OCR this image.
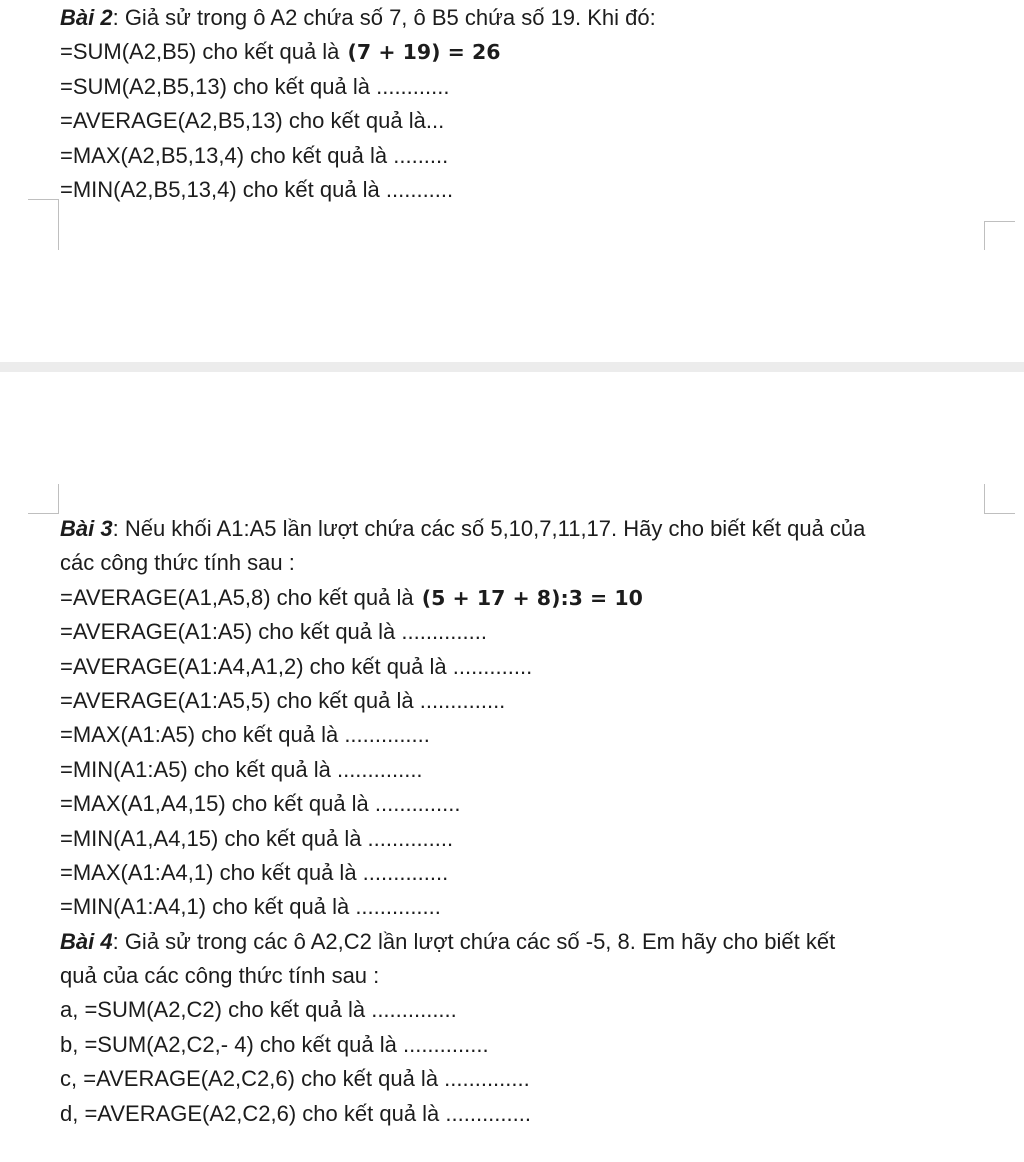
Bài 2: Giả sử trong ô A2 chứa số 7, ô B5 chứa số 19. Khi đó:
=SUM(A2,B5) cho kết quả là (7 + 19) = 26
=SUM(A2,B5,13) cho kết quả là ............
=AVERAGE(A2,B5,13) cho kết quả là...
=MAX(A2,B5,13,4) cho kết quả là .........
=MIN(A2,B5,13,4) cho kết quả là ...........
Bài 3: Nếu khối A1:A5 lần lượt chứa các số 5,10,7,11,17. Hãy cho biết kết quả của
các công thức tính sau :
=AVERAGE(A1,A5,8) cho kết quả là (5 + 17 + 8):3 = 10
=AVERAGE(A1:A5) cho kết quả là ..............
=AVERAGE(A1:A4,A1,2) cho kết quả là .............
=AVERAGE(A1:A5,5) cho kết quả là ..............
=MAX(A1:A5) cho kết quả là ..............
=MIN(A1:A5) cho kết quả là ..............
=MAX(A1,A4,15) cho kết quả là ..............
=MIN(A1,A4,15) cho kết quả là ..............
=MAX(A1:A4,1) cho kết quả là ..............
=MIN(A1:A4,1) cho kết quả là ..............
Bài 4: Giả sử trong các ô A2,C2 lần lượt chứa các số -5, 8. Em hãy cho biết kết
quả của các công thức tính sau :
a, =SUM(A2,C2) cho kết quả là ..............
b, =SUM(A2,C2,- 4) cho kết quả là ..............
c, =AVERAGE(A2,C2,6) cho kết quả là ..............
d, =AVERAGE(A2,C2,6) cho kết quả là ..............
